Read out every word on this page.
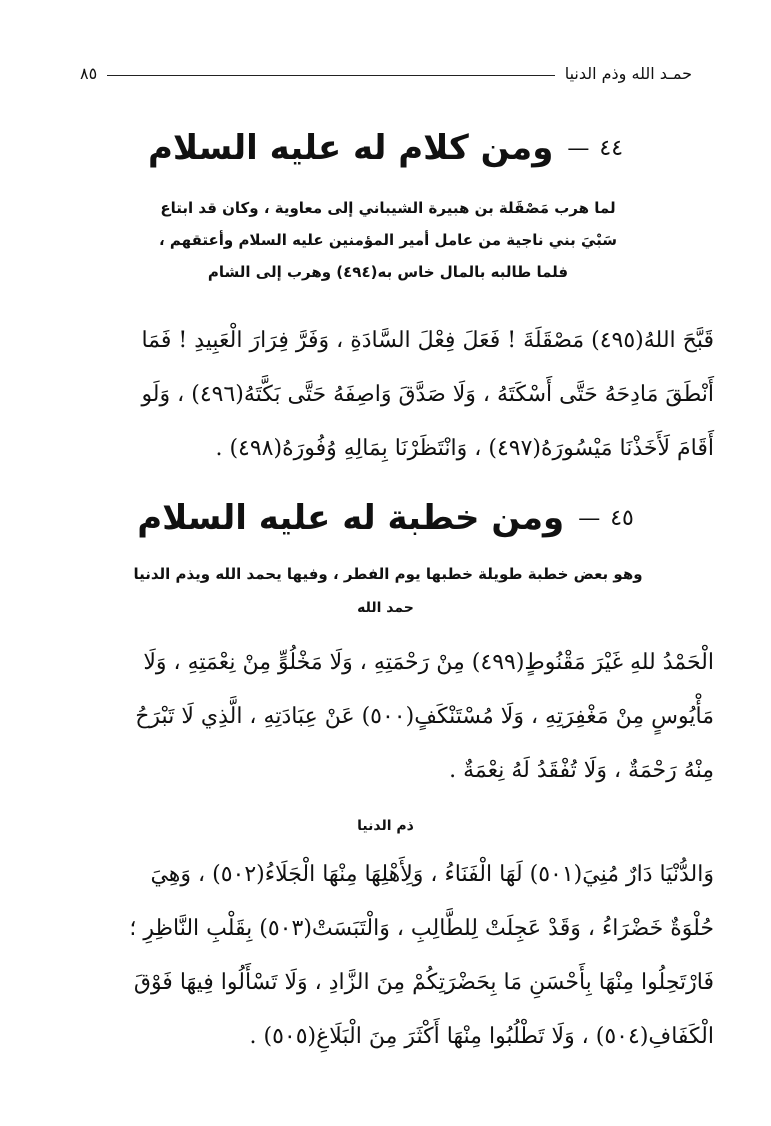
حمـد الله وذم الدنيا
٨٥
٤٤
—
ومن كلام له عليه السلام

لما هرب مَصْقَلة بن هبيرة الشيباني إلى معاوية ، وكان قد ابتاع

سَبْيَ بني ناجية من عامل أمير المؤمنين عليه السلام وأعتقهم ،

فلما طالبه بالمال خاس به(٤٩٤) وهرب إلى الشام

قَبَّحَ اللهُ(٤٩٥) مَصْقَلَةَ ! فَعَلَ فِعْلَ السَّادَةِ ، وَفَرَّ فِرَارَ الْعَبِيدِ ! فَمَا
أَنْطَقَ مَادِحَهُ حَتَّى أَسْكَتَهُ ، وَلَا صَدَّقَ وَاصِفَهُ حَتَّى بَكَّتَهُ(٤٩٦) ، وَلَو
أَقَامَ لَأَخَذْنَا مَيْسُورَهُ(٤٩٧) ، وَانْتَظَرْنَا بِمَالِهِ وُفُورَهُ(٤٩٨) .
٤٥
—
ومن خطبة له عليه السلام

وهو بعض خطبة طويلة خطبها يوم الفطر ، وفيها يحمد الله ويذم الدنيا

حمد الله
الْحَمْدُ للهِ غَيْرَ مَقْنُوطٍ(٤٩٩) مِنْ رَحْمَتِهِ ، وَلَا مَخْلُوٍّ مِنْ نِعْمَتِهِ ، وَلَا
مَأْيُوسٍ مِنْ مَغْفِرَتِهِ ، وَلَا مُسْتَنْكَفٍ(٥٠٠) عَنْ عِبَادَتِهِ ، الَّذِي لَا تَبْرَحُ
مِنْهُ رَحْمَةٌ ، وَلَا تُفْقَدُ لَهُ نِعْمَةٌ .
ذم الدنيا
وَالدُّنْيَا دَارٌ مُنِيَ(٥٠١) لَهَا الْفَنَاءُ ، وَلِأَهْلِهَا مِنْهَا الْجَلَاءُ(٥٠٢) ، وَهِيَ
حُلْوَةٌ خَضْرَاءُ ، وَقَدْ عَجِلَتْ لِلطَّالِبِ ، وَالْتَبَسَتْ(٥٠٣) بِقَلْبِ النَّاظِرِ ؛
فَارْتَحِلُوا مِنْهَا بِأَحْسَنِ مَا بِحَضْرَتِكُمْ مِنَ الزَّادِ ، وَلَا تَسْأَلُوا فِيهَا فَوْقَ
الْكَفَافِ(٥٠٤) ، وَلَا تَطْلُبُوا مِنْهَا أَكْثَرَ مِنَ الْبَلَاغِ(٥٠٥) .
